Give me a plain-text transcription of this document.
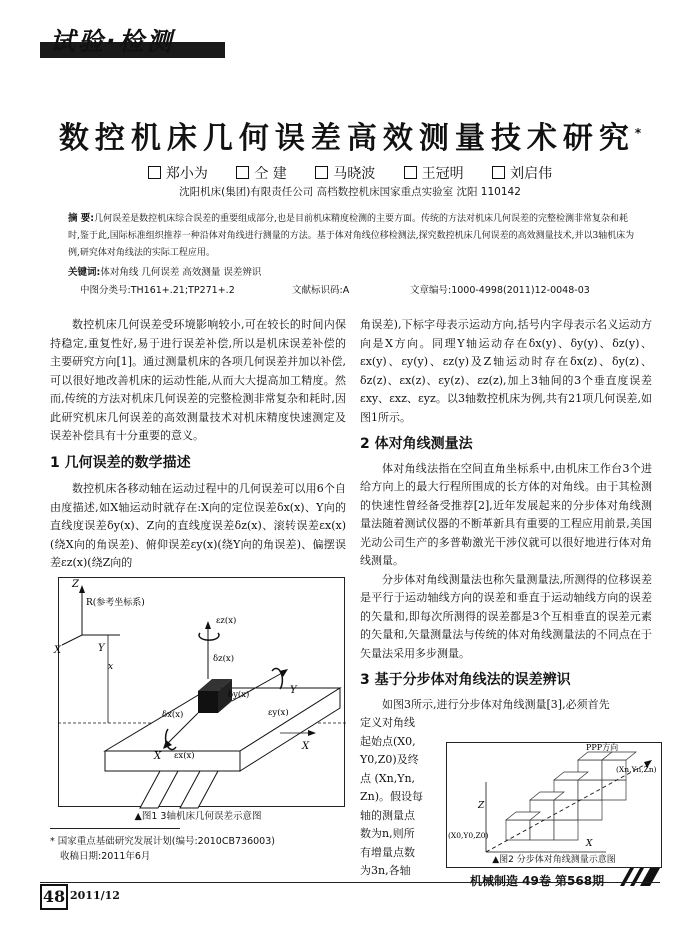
试验·检测
数控机床几何误差高效测量技术研究*
郑小为	仝 建	马晓波	王冠明	刘启伟
沈阳机床(集团)有限责任公司 高档数控机床国家重点实验室 沈阳 110142
摘 要:几何误差是数控机床综合误差的重要组成部分,也是目前机床精度检测的主要方面。传统的方法对机床几何误差的完整检测非常复杂和耗时,鉴于此,国际标准组织推荐一种沿体对角线进行测量的方法。基于体对角线位移检测法,探究数控机床几何误差的高效测量技术,并以3轴机床为例,研究体对角线法的实际工程应用。
关键词:体对角线 几何误差 高效测量 误差辨识
中图分类号:TH161+.21;TP271+.2	文献标识码:A	文章编号:1000-4998(2011)12-0048-03

数控机床几何误差受环境影响较小,可在较长的时间内保持稳定,重复性好,易于进行误差补偿,所以是机床误差补偿的主要研究方向[1]。通过测量机床的各项几何误差并加以补偿,可以很好地改善机床的运动性能,从而大大提高加工精度。然而,传统的方法对机床几何误差的完整检测非常复杂和耗时,因此研究机床几何误差的高效测量技术对机床精度快速测定及误差补偿具有十分重要的意义。

1 几何误差的数学描述

数控机床各移动轴在运动过程中的几何误差可以用6个自由度描述,如X轴运动时就存在:X向的定位误差δx(x)、Y向的直线度误差δy(x)、Z向的直线度误差δz(x)、滚转误差εx(x)(绕X向的角误差)、俯仰误差εy(x)(绕Y向的角误差)、偏摆误差εz(x)(绕Z向的

Z
X	Y
R(参考坐标系)
x
εz(x)
δz(x)
δy(x)
εy(x)
Y
δx(x)
εx(x)
X
X
▲图1 3轴机床几何误差示意图
* 国家重点基础研究发展计划(编号:2010CB736003)
收稿日期:2011年6月

角误差),下标字母表示运动方向,括号内字母表示名义运动方向是X方向。同理Y轴运动存在δx(y)、δy(y)、δz(y)、εx(y)、εy(y)、εz(y)及Z轴运动时存在δx(z)、δy(z)、δz(z)、εx(z)、εy(z)、εz(z),加上3轴间的3个垂直度误差εxy、εxz、εyz。以3轴数控机床为例,共有21项几何误差,如图1所示。

2 体对角线测量法

体对角线法指在空间直角坐标系中,由机床工作台3个进给方向上的最大行程所围成的长方体的对角线。由于其检测的快速性曾经备受推荐[2],近年发展起来的分步体对角线测量法随着测试仪器的不断革新具有重要的工程应用前景,美国光动公司生产的多普勒激光干涉仪就可以很好地进行体对角线测量。

分步体对角线测量法也称矢量测量法,所测得的位移误差是平行于运动轴线方向的误差和垂直于运动轴线方向的误差的矢量和,即每次所测得的误差都是3个互相垂直的误差元素的矢量和,矢量测量法与传统的体对角线测量法的不同点在于矢量法采用多步测量。

3 基于分步体对角线法的误差辨识

如图3所示,进行分步体对角线测量[3],必须首先

定义对角线
起始点(X0,
Y0,Z0)及终
点 (Xn,Yn,
Zn)。假设每
轴的测量点
数为n,则所
有增量点数
为3n,各轴
PPP方向
(Xn,Yn,Zn)
(X0,Y0,Z0)
Z
X
▲图2 分步体对角线测量示意图
机械制造 49卷 第568期
48 2011/12
